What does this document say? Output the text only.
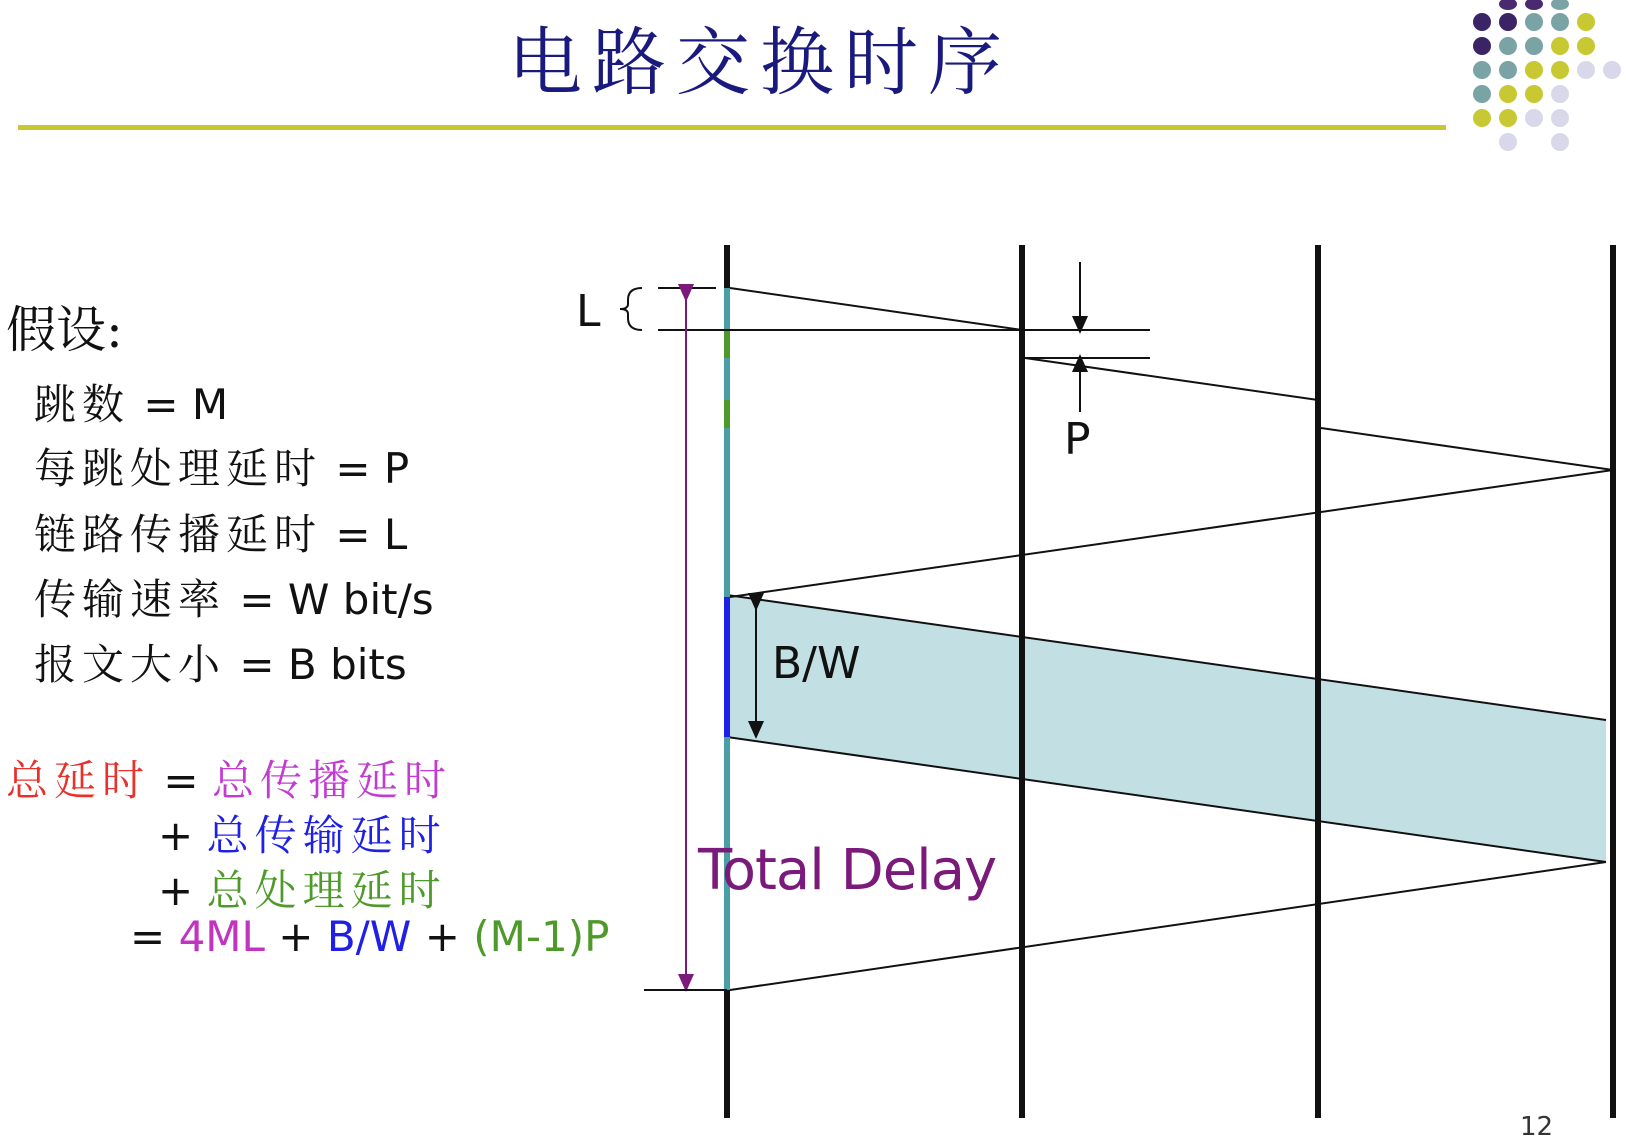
电路交换时序
假设:
跳数 = M
每跳处理延时 = P
链路传播延时 = L
传输速率 = W bit/s
报文大小 = B bits
总延时 = 总传播延时
+ 总传输延时
+ 总处理延时
= 4ML + B/W + (M-1)P
L
P
B/W
Total Delay
12
